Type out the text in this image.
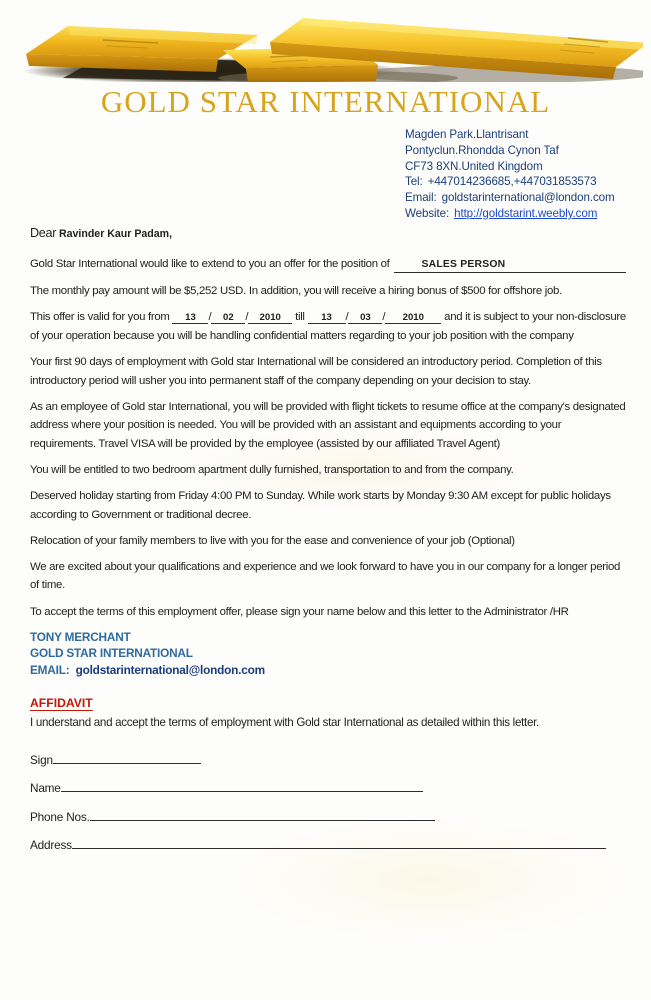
GOLD STAR INTERNATIONAL
Magden Park.Llantrisant
Pontyclun.Rhondda Cynon Taf
CF73 8XN.United Kingdom
Tel: +447014236685,+447031853573
Email: goldstarinternational@london.com
Website: http://goldstarint.weebly.com

Dear Ravinder Kaur Padam,

Gold Star International would like to extend to you an offer for the position of	SALES PERSON

The monthly pay amount will be $5,252 USD. In addition, you will receive a hiring bonus of $500 for offshore job.

This offer is valid for you from 13 / 02 / 2010 till 13 / 03 / 2010 and it is subject to your non-disclosure of your operation because you will be handling confidential matters regarding to your job position with the company

Your first 90 days of employment with Gold star International will be considered an introductory period. Completion of this introductory period will usher you into permanent staff of the company depending on your decision to stay.

As an employee of Gold star International, you will be provided with flight tickets to resume office at the company's designated address where your position is needed. You will be provided with an assistant and equipments according to your requirements. Travel VISA will be provided by the employee (assisted by our affiliated Travel Agent)

You will be entitled to two bedroom apartment dully furnished, transportation to and from the company.

Deserved holiday starting from Friday 4:00 PM to Sunday. While work starts by Monday 9:30 AM except for public holidays according to Government or traditional decree.

Relocation of your family members to live with you for the ease and convenience of your job (Optional)

We are excited about your qualifications and experience and we look forward to have you in our company for a longer period of time.

To accept the terms of this employment offer, please sign your name below and this letter to the Administrator /HR

TONY MERCHANT
GOLD STAR INTERNATIONAL
EMAIL: goldstarinternational@london.com
AFFIDAVIT

I understand and accept the terms of employment with Gold star International as detailed within this letter.

Sign
Name
Phone Nos.
Address
